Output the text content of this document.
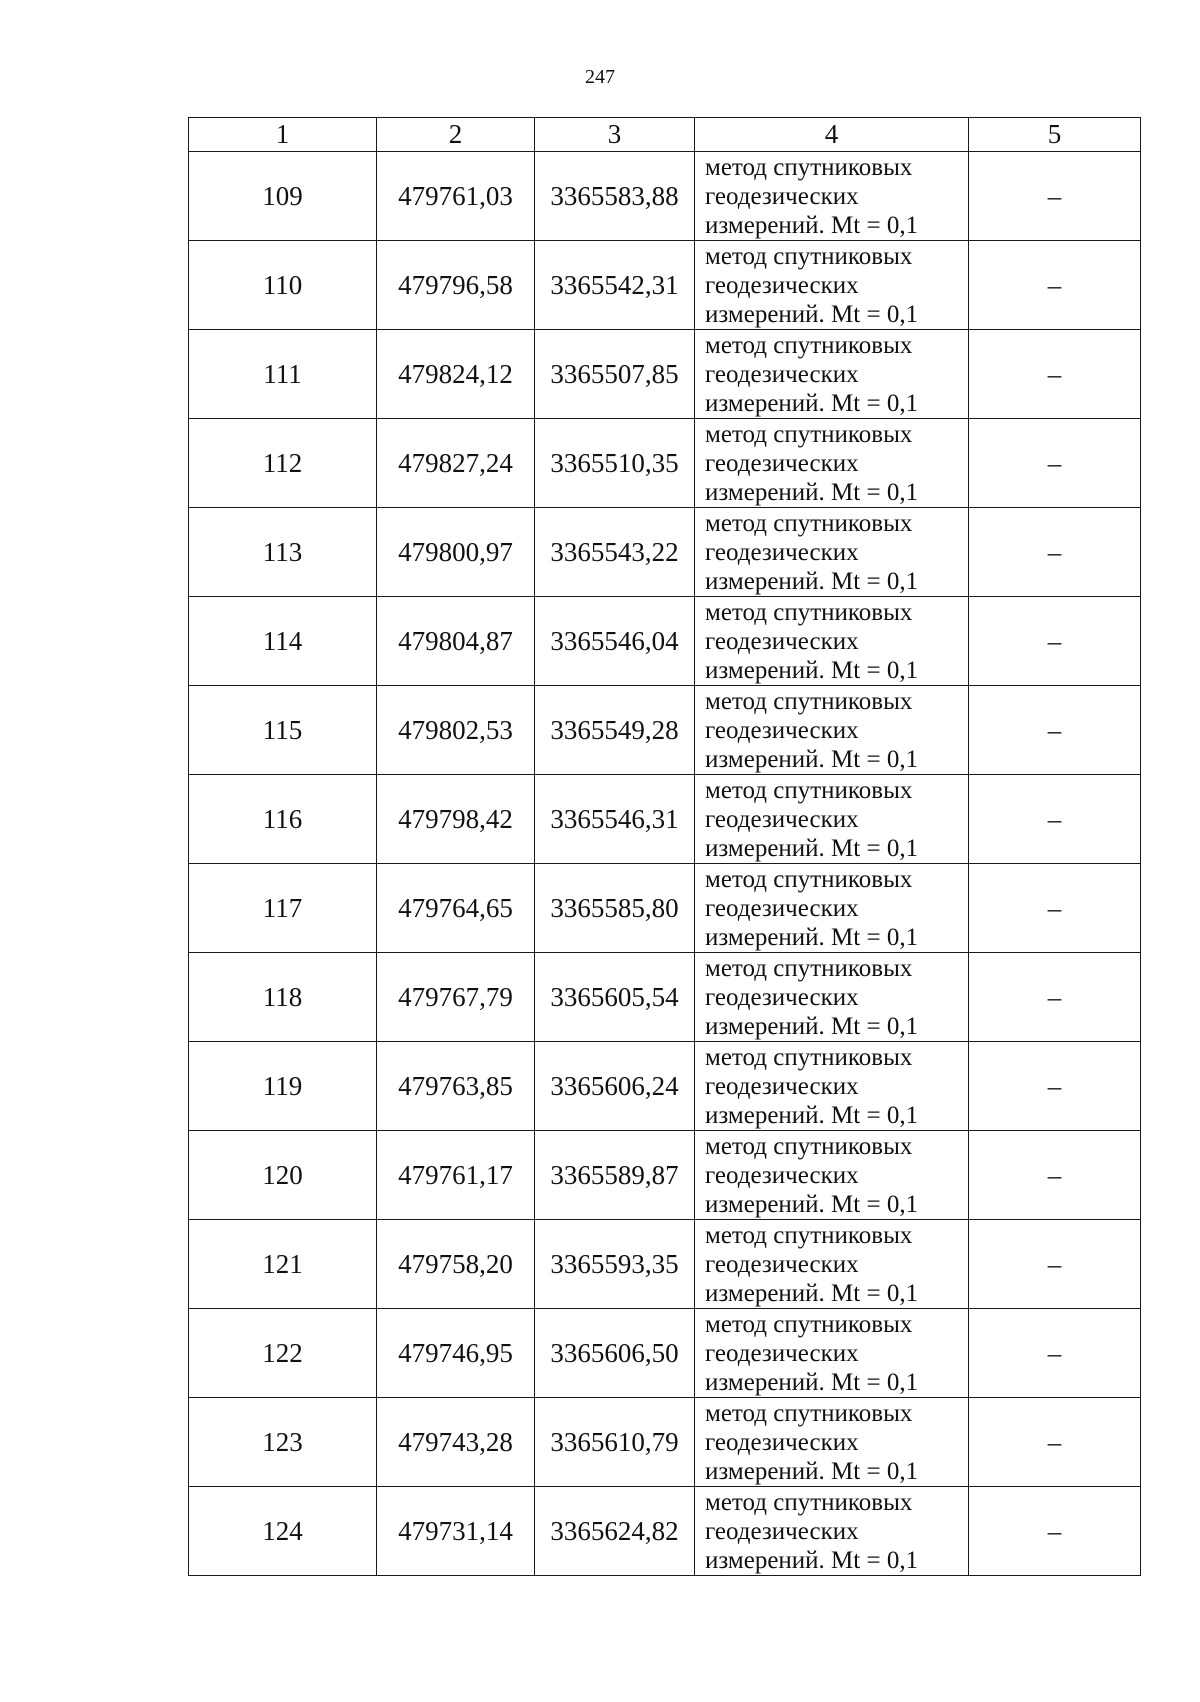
247
1	2	3	4	5
109	479761,03	3365583,88	метод спутниковых
геодезических
измерений. Mt = 0,1	–
110	479796,58	3365542,31	метод спутниковых
геодезических
измерений. Mt = 0,1	–
111	479824,12	3365507,85	метод спутниковых
геодезических
измерений. Mt = 0,1	–
112	479827,24	3365510,35	метод спутниковых
геодезических
измерений. Mt = 0,1	–
113	479800,97	3365543,22	метод спутниковых
геодезических
измерений. Mt = 0,1	–
114	479804,87	3365546,04	метод спутниковых
геодезических
измерений. Mt = 0,1	–
115	479802,53	3365549,28	метод спутниковых
геодезических
измерений. Mt = 0,1	–
116	479798,42	3365546,31	метод спутниковых
геодезических
измерений. Mt = 0,1	–
117	479764,65	3365585,80	метод спутниковых
геодезических
измерений. Mt = 0,1	–
118	479767,79	3365605,54	метод спутниковых
геодезических
измерений. Mt = 0,1	–
119	479763,85	3365606,24	метод спутниковых
геодезических
измерений. Mt = 0,1	–
120	479761,17	3365589,87	метод спутниковых
геодезических
измерений. Mt = 0,1	–
121	479758,20	3365593,35	метод спутниковых
геодезических
измерений. Mt = 0,1	–
122	479746,95	3365606,50	метод спутниковых
геодезических
измерений. Mt = 0,1	–
123	479743,28	3365610,79	метод спутниковых
геодезических
измерений. Mt = 0,1	–
124	479731,14	3365624,82	метод спутниковых
геодезических
измерений. Mt = 0,1	–
